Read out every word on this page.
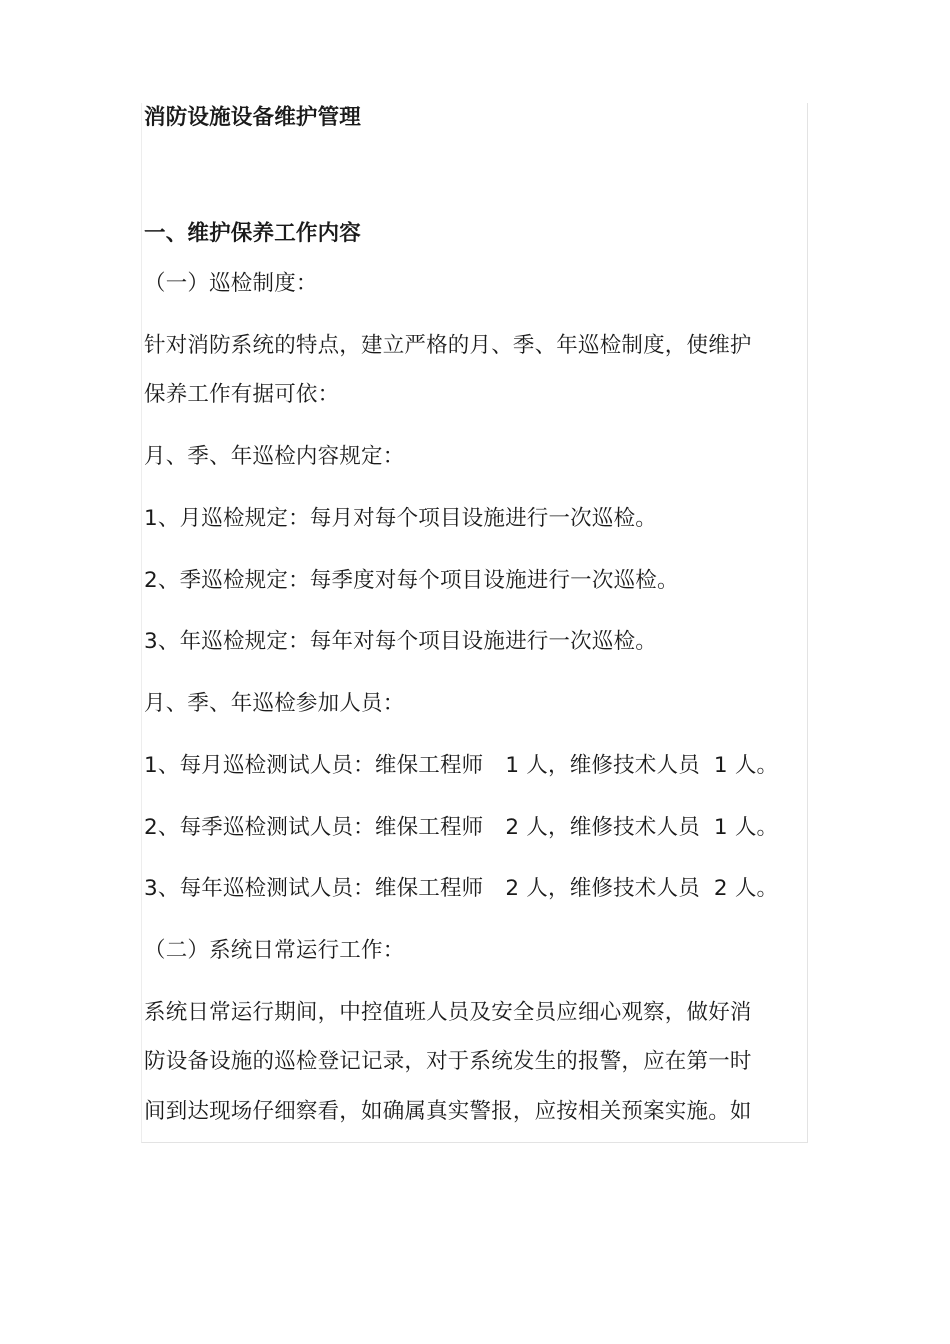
消防设施设备维护管理
一、维护保养工作内容
（一）巡检制度：
针对消防系统的特点，建立严格的月、季、年巡检制度，使维护
保养工作有据可依：
月、季、年巡检内容规定：
1、月巡检规定：每月对每个项目设施进行一次巡检。
2、季巡检规定：每季度对每个项目设施进行一次巡检。
3、年巡检规定：每年对每个项目设施进行一次巡检。
月、季、年巡检参加人员：
1、每月巡检测试人员：维保工程师 1 人，维修技术人员 1 人。
2、每季巡检测试人员：维保工程师 2 人，维修技术人员 1 人。
3、每年巡检测试人员：维保工程师 2 人，维修技术人员 2 人。
（二）系统日常运行工作：
系统日常运行期间，中控值班人员及安全员应细心观察，做好消
防设备设施的巡检登记记录，对于系统发生的报警，应在第一时
间到达现场仔细察看，如确属真实警报，应按相关预案实施。如
